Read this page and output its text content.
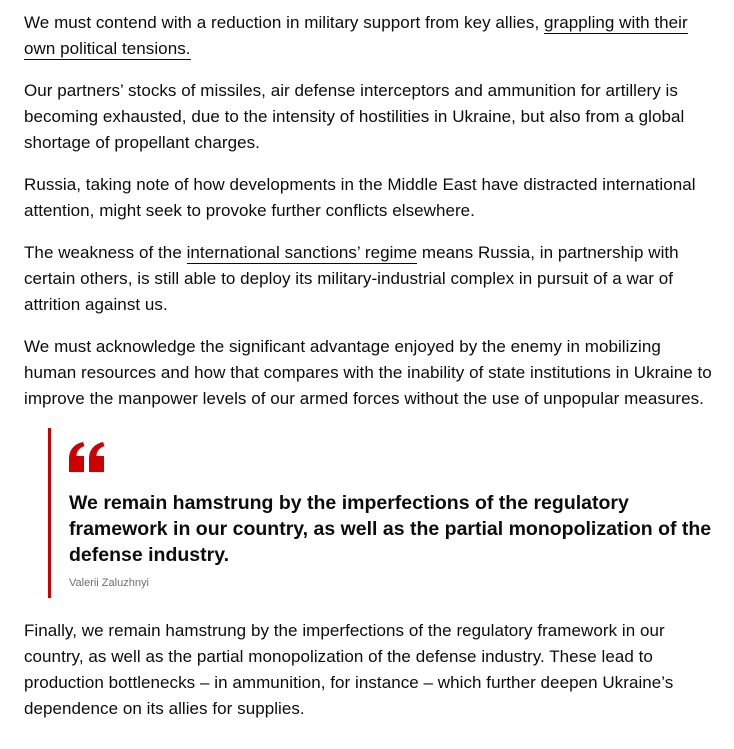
We must contend with a reduction in military support from key allies, grappling with their own political tensions.

Our partners’ stocks of missiles, air defense interceptors and ammunition for artillery is becoming exhausted, due to the intensity of hostilities in Ukraine, but also from a global shortage of propellant charges.

Russia, taking note of how developments in the Middle East have distracted international attention, might seek to provoke further conflicts elsewhere.

The weakness of the international sanctions’ regime means Russia, in partnership with certain others, is still able to deploy its military-industrial complex in pursuit of a war of attrition against us.

We must acknowledge the significant advantage enjoyed by the enemy in mobilizing human resources and how that compares with the inability of state institutions in Ukraine to improve the manpower levels of our armed forces without the use of unpopular measures.

We remain hamstrung by the imperfections of the regulatory framework in our country, as well as the partial monopolization of the defense industry.

Valerii Zaluzhnyi

Finally, we remain hamstrung by the imperfections of the regulatory framework in our country, as well as the partial monopolization of the defense industry. These lead to production bottlenecks – in ammunition, for instance – which further deepen Ukraine’s dependence on its allies for supplies.
